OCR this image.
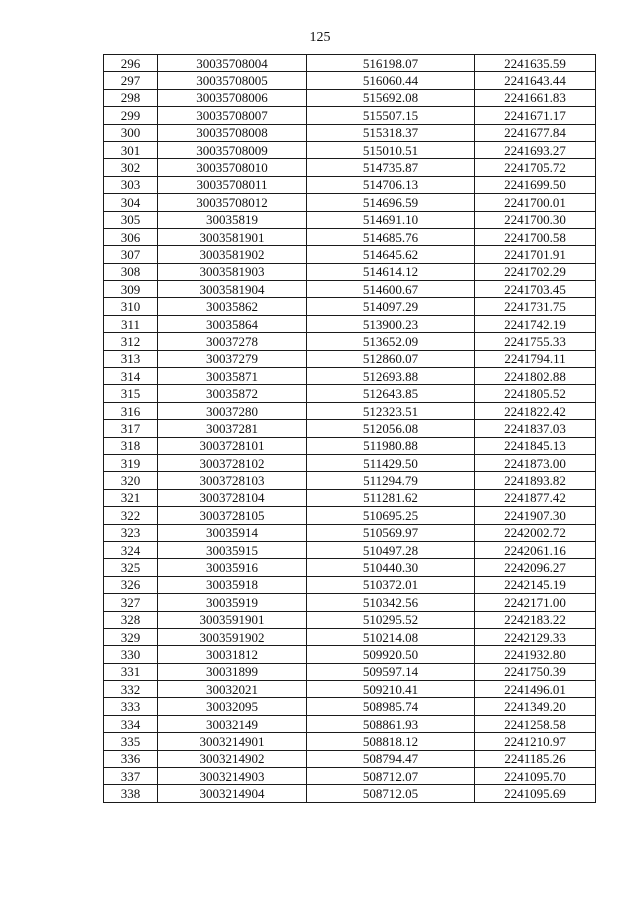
125
296	30035708004	516198.07	2241635.59
297	30035708005	516060.44	2241643.44
298	30035708006	515692.08	2241661.83
299	30035708007	515507.15	2241671.17
300	30035708008	515318.37	2241677.84
301	30035708009	515010.51	2241693.27
302	30035708010	514735.87	2241705.72
303	30035708011	514706.13	2241699.50
304	30035708012	514696.59	2241700.01
305	30035819	514691.10	2241700.30
306	3003581901	514685.76	2241700.58
307	3003581902	514645.62	2241701.91
308	3003581903	514614.12	2241702.29
309	3003581904	514600.67	2241703.45
310	30035862	514097.29	2241731.75
311	30035864	513900.23	2241742.19
312	30037278	513652.09	2241755.33
313	30037279	512860.07	2241794.11
314	30035871	512693.88	2241802.88
315	30035872	512643.85	2241805.52
316	30037280	512323.51	2241822.42
317	30037281	512056.08	2241837.03
318	3003728101	511980.88	2241845.13
319	3003728102	511429.50	2241873.00
320	3003728103	511294.79	2241893.82
321	3003728104	511281.62	2241877.42
322	3003728105	510695.25	2241907.30
323	30035914	510569.97	2242002.72
324	30035915	510497.28	2242061.16
325	30035916	510440.30	2242096.27
326	30035918	510372.01	2242145.19
327	30035919	510342.56	2242171.00
328	3003591901	510295.52	2242183.22
329	3003591902	510214.08	2242129.33
330	30031812	509920.50	2241932.80
331	30031899	509597.14	2241750.39
332	30032021	509210.41	2241496.01
333	30032095	508985.74	2241349.20
334	30032149	508861.93	2241258.58
335	3003214901	508818.12	2241210.97
336	3003214902	508794.47	2241185.26
337	3003214903	508712.07	2241095.70
338	3003214904	508712.05	2241095.69
